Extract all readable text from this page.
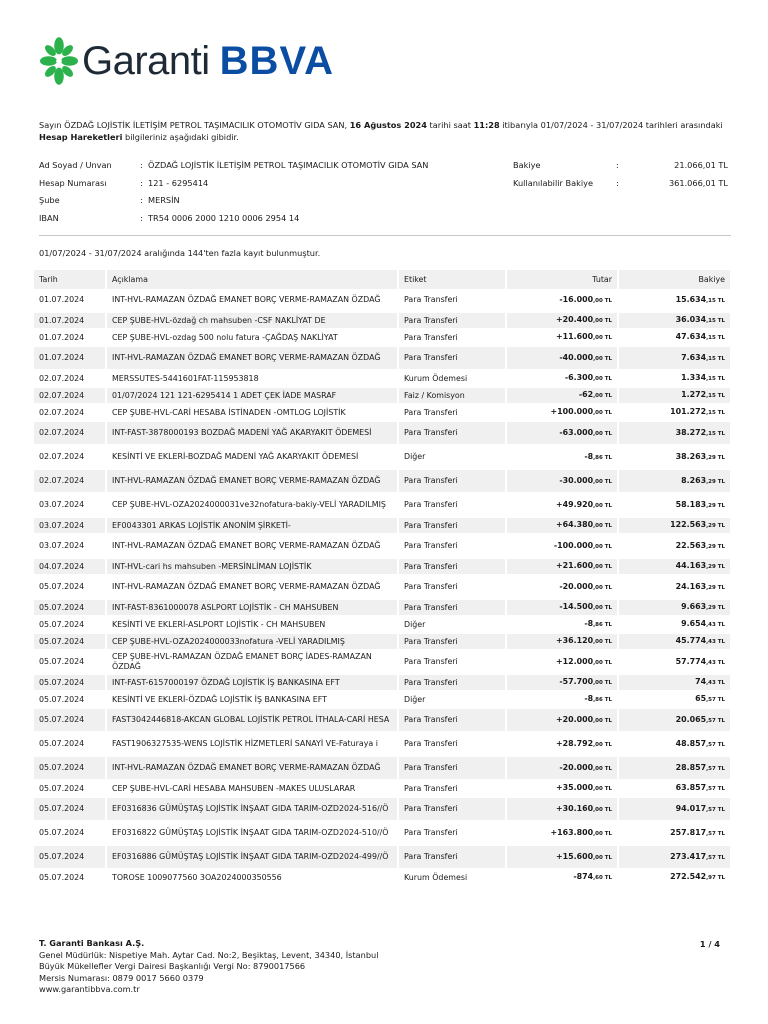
Garanti BBVA
Sayın ÖZDAĞ LOJİSTİK İLETİŞİM PETROL TAŞIMACILIK OTOMOTİV GIDA SAN, 16 Ağustos 2024 tarihi saat 11:28 itibarıyla 01/07/2024 - 31/07/2024 tarihleri arasındaki Hesap Hareketleri bilgileriniz aşağıdaki gibidir.
Ad Soyad / Unvan	: ÖZDAĞ LOJİSTİK İLETİŞİM PETROL TAŞIMACILIK OTOMOTİV GIDA SAN	Bakiye	:	21.066,01 TL
Hesap Numarası	: 121 - 6295414	Kullanılabilir Bakiye	:	361.066,01 TL
Şube	: MERSİN
IBAN	: TR54 0006 2000 1210 0006 2954 14
01/07/2024 - 31/07/2024 aralığında 144'ten fazla kayıt bulunmuştur.
Tarih	Açıklama	Etiket	Tutar	Bakiye
01.07.2024	INT-HVL-RAMAZAN ÖZDAĞ EMANET BORÇ VERME-RAMAZAN ÖZDAĞ	Para Transferi	-16.000,00 TL	15.634,15 TL
01.07.2024	CEP ŞUBE-HVL-özdağ ch mahsuben -CSF NAKLİYAT DE	Para Transferi	+20.400,00 TL	36.034,15 TL
01.07.2024	CEP ŞUBE-HVL-ozdag 500 nolu fatura -ÇAĞDAŞ NAKLİYAT	Para Transferi	+11.600,00 TL	47.634,15 TL
01.07.2024	INT-HVL-RAMAZAN ÖZDAĞ EMANET BORÇ VERME-RAMAZAN ÖZDAĞ	Para Transferi	-40.000,00 TL	7.634,15 TL
02.07.2024	MERSSUTES-5441601FAT-115953818	Kurum Ödemesi	-6.300,00 TL	1.334,15 TL
02.07.2024	01/07/2024 121 121-6295414 1 ADET ÇEK İADE MASRAF	Faiz / Komisyon	-62,00 TL	1.272,15 TL
02.07.2024	CEP ŞUBE-HVL-CARİ HESABA İSTİNADEN -OMTLOG LOJİSTİK	Para Transferi	+100.000,00 TL	101.272,15 TL
02.07.2024	INT-FAST-3878000193 BOZDAĞ MADENİ YAĞ AKARYAKIT ÖDEMESİ	Para Transferi	-63.000,00 TL	38.272,15 TL
02.07.2024	KESİNTİ VE EKLERİ-BOZDAĞ MADENİ YAĞ AKARYAKIT ÖDEMESİ	Diğer	-8,86 TL	38.263,29 TL
02.07.2024	INT-HVL-RAMAZAN ÖZDAĞ EMANET BORÇ VERME-RAMAZAN ÖZDAĞ	Para Transferi	-30.000,00 TL	8.263,29 TL
03.07.2024	CEP ŞUBE-HVL-OZA2024000031ve32nofatura-bakiy-VELİ YARADILMIŞ	Para Transferi	+49.920,00 TL	58.183,29 TL
03.07.2024	EF0043301 ARKAS LOJİSTİK ANONİM ŞİRKETİ-	Para Transferi	+64.380,00 TL	122.563,29 TL
03.07.2024	INT-HVL-RAMAZAN ÖZDAĞ EMANET BORÇ VERME-RAMAZAN ÖZDAĞ	Para Transferi	-100.000,00 TL	22.563,29 TL
04.07.2024	INT-HVL-cari hs mahsuben -MERSİNLİMAN LOJİSTİK	Para Transferi	+21.600,00 TL	44.163,29 TL
05.07.2024	INT-HVL-RAMAZAN ÖZDAĞ EMANET BORÇ VERME-RAMAZAN ÖZDAĞ	Para Transferi	-20.000,00 TL	24.163,29 TL
05.07.2024	INT-FAST-8361000078 ASLPORT LOJİSTİK - CH MAHSUBEN	Para Transferi	-14.500,00 TL	9.663,29 TL
05.07.2024	KESİNTİ VE EKLERİ-ASLPORT LOJİSTİK - CH MAHSUBEN	Diğer	-8,86 TL	9.654,43 TL
05.07.2024	CEP ŞUBE-HVL-OZA2024000033nofatura -VELİ YARADILMIŞ	Para Transferi	+36.120,00 TL	45.774,43 TL
05.07.2024	CEP ŞUBE-HVL-RAMAZAN ÖZDAĞ EMANET BORÇ İADES-RAMAZAN ÖZDAĞ	Para Transferi	+12.000,00 TL	57.774,43 TL
05.07.2024	INT-FAST-6157000197 ÖZDAĞ LOJİSTİK İŞ BANKASINA EFT	Para Transferi	-57.700,00 TL	74,43 TL
05.07.2024	KESİNTİ VE EKLERİ-ÖZDAĞ LOJİSTİK İŞ BANKASINA EFT	Diğer	-8,86 TL	65,57 TL
05.07.2024	FAST3042446818-AKCAN GLOBAL LOJİSTİK PETROL İTHALA-CARİ HESA	Para Transferi	+20.000,00 TL	20.065,57 TL
05.07.2024	FAST1906327535-WENS LOJİSTİK HİZMETLERİ SANAYİ VE-Faturaya i	Para Transferi	+28.792,00 TL	48.857,57 TL
05.07.2024	INT-HVL-RAMAZAN ÖZDAĞ EMANET BORÇ VERME-RAMAZAN ÖZDAĞ	Para Transferi	-20.000,00 TL	28.857,57 TL
05.07.2024	CEP ŞUBE-HVL-CARİ HESABA MAHSUBEN -MAKES ULUSLARAR	Para Transferi	+35.000,00 TL	63.857,57 TL
05.07.2024	EF0316836 GÜMÜŞTAŞ LOJİSTİK İNŞAAT GIDA TARIM-OZD2024-516//Ö	Para Transferi	+30.160,00 TL	94.017,57 TL
05.07.2024	EF0316822 GÜMÜŞTAŞ LOJİSTİK İNŞAAT GIDA TARIM-OZD2024-510//Ö	Para Transferi	+163.800,00 TL	257.817,57 TL
05.07.2024	EF0316886 GÜMÜŞTAŞ LOJİSTİK İNŞAAT GIDA TARIM-OZD2024-499//Ö	Para Transferi	+15.600,00 TL	273.417,57 TL
05.07.2024	TOROSE 1009077560 3OA2024000350556	Kurum Ödemesi	-874,60 TL	272.542,97 TL
T. Garanti Bankası A.Ş.
Genel Müdürlük: Nispetiye Mah. Aytar Cad. No:2, Beşiktaş, Levent, 34340, İstanbul
Büyük Mükellefler Vergi Dairesi Başkanlığı Vergi No: 8790017566
Mersis Numarası: 0879 0017 5660 0379
www.garantibbva.com.tr
1 / 4
